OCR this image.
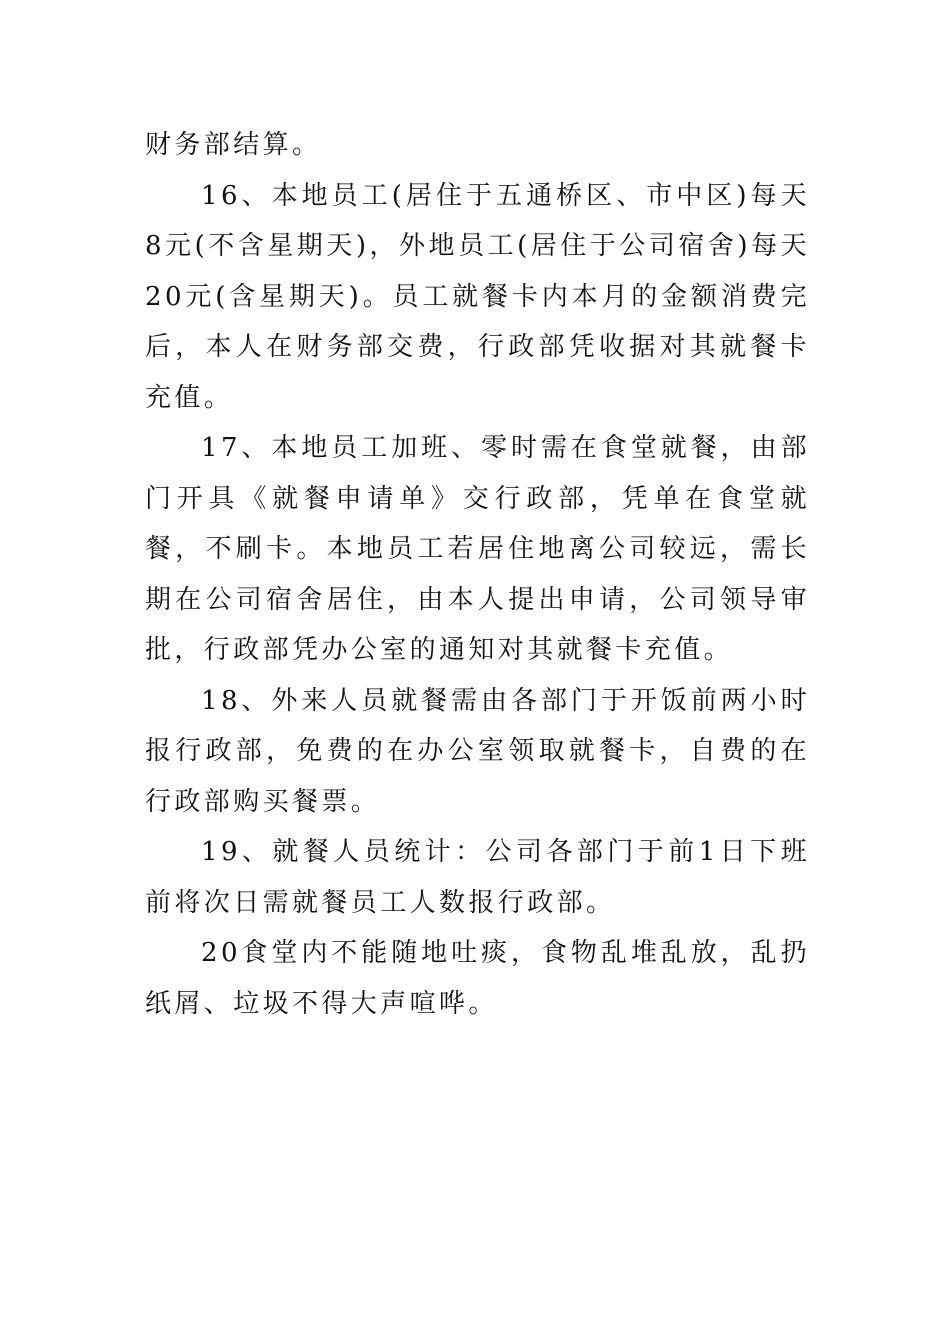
财务部结算。

16、本地员工(居住于五通桥区、市中区)每天8元(不含星期天)，外地员工(居住于公司宿舍)每天20元(含星期天)。员工就餐卡内本月的金额消费完后，本人在财务部交费，行政部凭收据对其就餐卡充值。

17、本地员工加班、零时需在食堂就餐，由部门开具《就餐申请单》交行政部，凭单在食堂就餐，不刷卡。本地员工若居住地离公司较远，需长期在公司宿舍居住，由本人提出申请，公司领导审批，行政部凭办公室的通知对其就餐卡充值。

18、外来人员就餐需由各部门于开饭前两小时报行政部，免费的在办公室领取就餐卡，自费的在行政部购买餐票。

19、就餐人员统计：公司各部门于前1日下班前将次日需就餐员工人数报行政部。

20食堂内不能随地吐痰，食物乱堆乱放，乱扔纸屑、垃圾不得大声喧哗。
